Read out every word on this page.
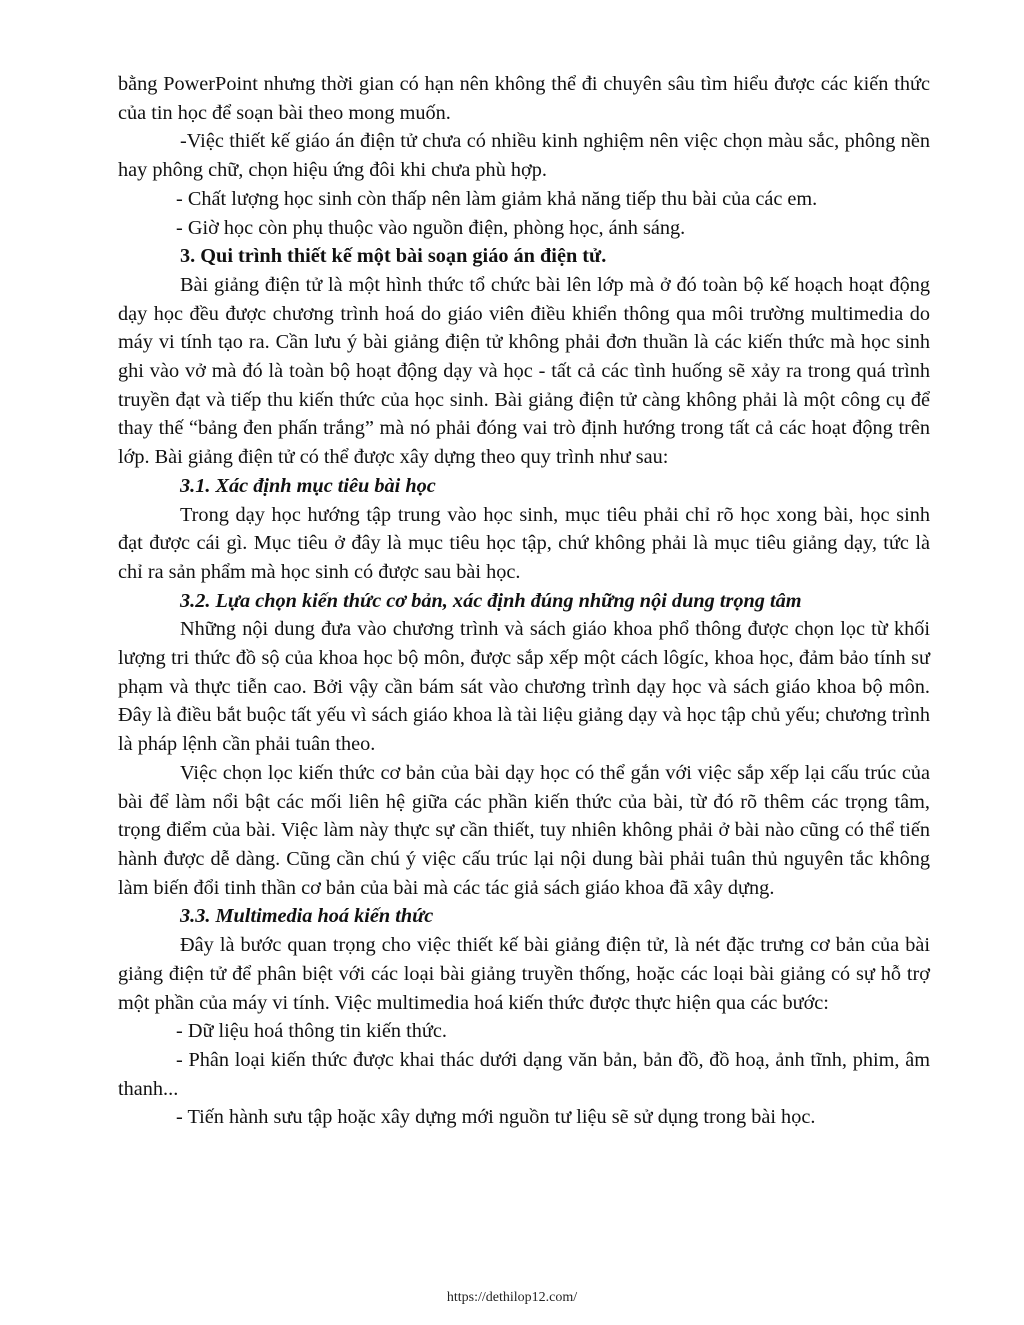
bằng PowerPoint nhưng thời gian có hạn nên không thể đi chuyên sâu tìm hiểu được các kiến thức của tin học để soạn bài theo mong muốn.

-Việc thiết kế giáo án điện tử chưa có nhiều kinh nghiệm nên việc chọn màu sắc, phông nền hay phông chữ, chọn hiệu ứng đôi khi chưa phù hợp.

- Chất lượng học sinh còn thấp nên làm giảm khả năng tiếp thu bài của các em.

- Giờ học còn phụ thuộc vào nguồn điện, phòng học, ánh sáng.

3. Qui trình thiết kế một bài soạn giáo án điện tử.

Bài giảng điện tử là một hình thức tổ chức bài lên lớp mà ở đó toàn bộ kế hoạch hoạt động dạy học đều được chương trình hoá do giáo viên điều khiển thông qua môi trường multimedia do máy vi tính tạo ra. Cần lưu ý bài giảng điện tử không phải đơn thuần là các kiến thức mà học sinh ghi vào vở mà đó là toàn bộ hoạt động dạy và học - tất cả các tình huống sẽ xảy ra trong quá trình truyền đạt và tiếp thu kiến thức của học sinh. Bài giảng điện tử càng không phải là một công cụ để thay thế “bảng đen phấn trắng” mà nó phải đóng vai trò định hướng trong tất cả các hoạt động trên lớp. Bài giảng điện tử có thể được xây dựng theo quy trình như sau:

3.1. Xác định mục tiêu bài học

Trong dạy học hướng tập trung vào học sinh, mục tiêu phải chỉ rõ học xong bài, học sinh đạt được cái gì. Mục tiêu ở đây là mục tiêu học tập, chứ không phải là mục tiêu giảng dạy, tức là chỉ ra sản phẩm mà học sinh có được sau bài học.

3.2. Lựa chọn kiến thức cơ bản, xác định đúng những nội dung trọng tâm

Những nội dung đưa vào chương trình và sách giáo khoa phổ thông được chọn lọc từ khối lượng tri thức đồ sộ của khoa học bộ môn, được sắp xếp một cách lôgíc, khoa học, đảm bảo tính sư phạm và thực tiễn cao. Bởi vậy cần bám sát vào chương trình dạy học và sách giáo khoa bộ môn. Đây là điều bắt buộc tất yếu vì sách giáo khoa là tài liệu giảng dạy và học tập chủ yếu; chương trình là pháp lệnh cần phải tuân theo.

Việc chọn lọc kiến thức cơ bản của bài dạy học có thể gắn với việc sắp xếp lại cấu trúc của bài để làm nổi bật các mối liên hệ giữa các phần kiến thức của bài, từ đó rõ thêm các trọng tâm, trọng điểm của bài. Việc làm này thực sự cần thiết, tuy nhiên không phải ở bài nào cũng có thể tiến hành được dễ dàng. Cũng cần chú ý việc cấu trúc lại nội dung bài phải tuân thủ nguyên tắc không làm biến đổi tinh thần cơ bản của bài mà các tác giả sách giáo khoa đã xây dựng.

3.3. Multimedia hoá kiến thức

Đây là bước quan trọng cho việc thiết kế bài giảng điện tử, là nét đặc trưng cơ bản của bài giảng điện tử để phân biệt với các loại bài giảng truyền thống, hoặc các loại bài giảng có sự hỗ trợ một phần của máy vi tính. Việc multimedia hoá kiến thức được thực hiện qua các bước:

- Dữ liệu hoá thông tin kiến thức.

- Phân loại kiến thức được khai thác dưới dạng văn bản, bản đồ, đồ hoạ, ảnh tĩnh, phim, âm thanh...

- Tiến hành sưu tập hoặc xây dựng mới nguồn tư liệu sẽ sử dụng trong bài học.

https://dethilop12.com/
